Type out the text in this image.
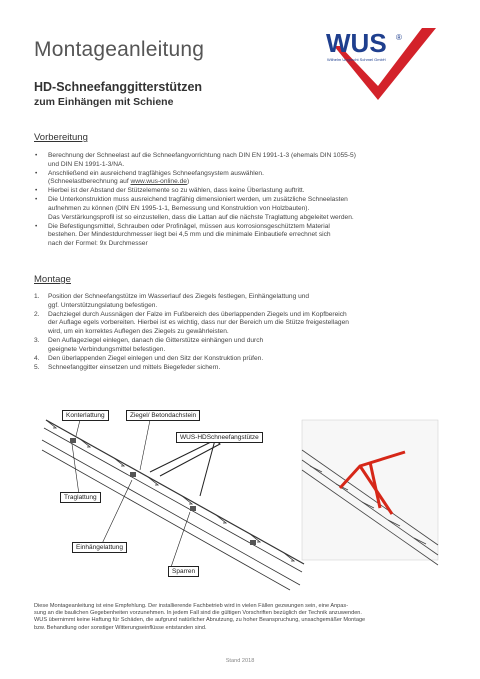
Montageanleitung	WUS ®
Wilhelm Ungrecht Schmel GmbH
HD-Schneefanggitterstützen
zum Einhängen mit Schiene
Vorbereitung
• Berechnung der Schneelast auf die Schneefangvorrichtung nach DIN EN 1991-1-3 (ehemals DIN 1055-5)
und DIN EN 1991-1-3/NA.
• Anschließend ein ausreichend tragfähiges Schneefangsystem auswählen.
(Schneelastberechnung auf www.wus-online.de)
• Hierbei ist der Abstand der Stützelemente so zu wählen, dass keine Überlastung auftritt.
• Die Unterkonstruktion muss ausreichend tragfähig dimensioniert werden, um zusätzliche Schneelasten
aufnehmen zu können (DIN EN 1995-1-1, Bemessung und Konstruktion von Holzbauten).
Das Verstärkungsprofil ist so einzustellen, dass die Lattan auf die nächste Traglattung abgeleitet werden.
• Die Befestigungsmittel, Schrauben oder Profinägel, müssen aus korrosionsgeschütztem Material
bestehen. Der Mindestdurchmesser liegt bei 4,5 mm und die minimale Einbautiefe errechnet sich
nach der Formel: 9x Durchmesser
Montage
1. Position der Schneefangstütze im Wasserlauf des Ziegels festlegen, Einhängelattung und
ggf. Unterstützungslatung befestigen.
2. Dachziegel durch Aussnägen der Falze im Fußbereich des überlappenden Ziegels und im Kopfbereich
der Auflage egels vorbereiten. Hierbei ist es wichtig, dass nur der Bereich um die Stütze freigestellagen
wird, um ein korrektes Auflegen des Ziegels zu gewährleisten.
3. Den Auflageziegel einlegen, danach die Gitterstütze einhängen und durch
geeignete Verbindungsmittel befestigen.
4. Den überlappenden Ziegel einlegen und den Sitz der Konstruktion prüfen.
5. Schneefanggitter einsetzen und mittels Biegefeder sichern.
Konterlattung	Ziegel/ Betondachstein
WUS-HDSchneefangstütze
Traglattung
Einhängelattung
Sparren
Diese Montageanleitung ist eine Empfehlung. Der installierende Fachbetrieb wird in vielen Fällen gezwungen sein, eine Anpas-
sung an die baulichen Gegebenheiten vorzunehmen. In jedem Fall sind die gültigen Vorschriften bezüglich der Technik anzuwenden.
WUS übernimmt keine Haftung für Schäden, die aufgrund natürlicher Abnutzung, zu hoher Beanspruchung, unsachgemäßer Montage
bzw. Behandlung oder sonstiger Witterungseinflüsse entstanden sind.
Stand 2018
